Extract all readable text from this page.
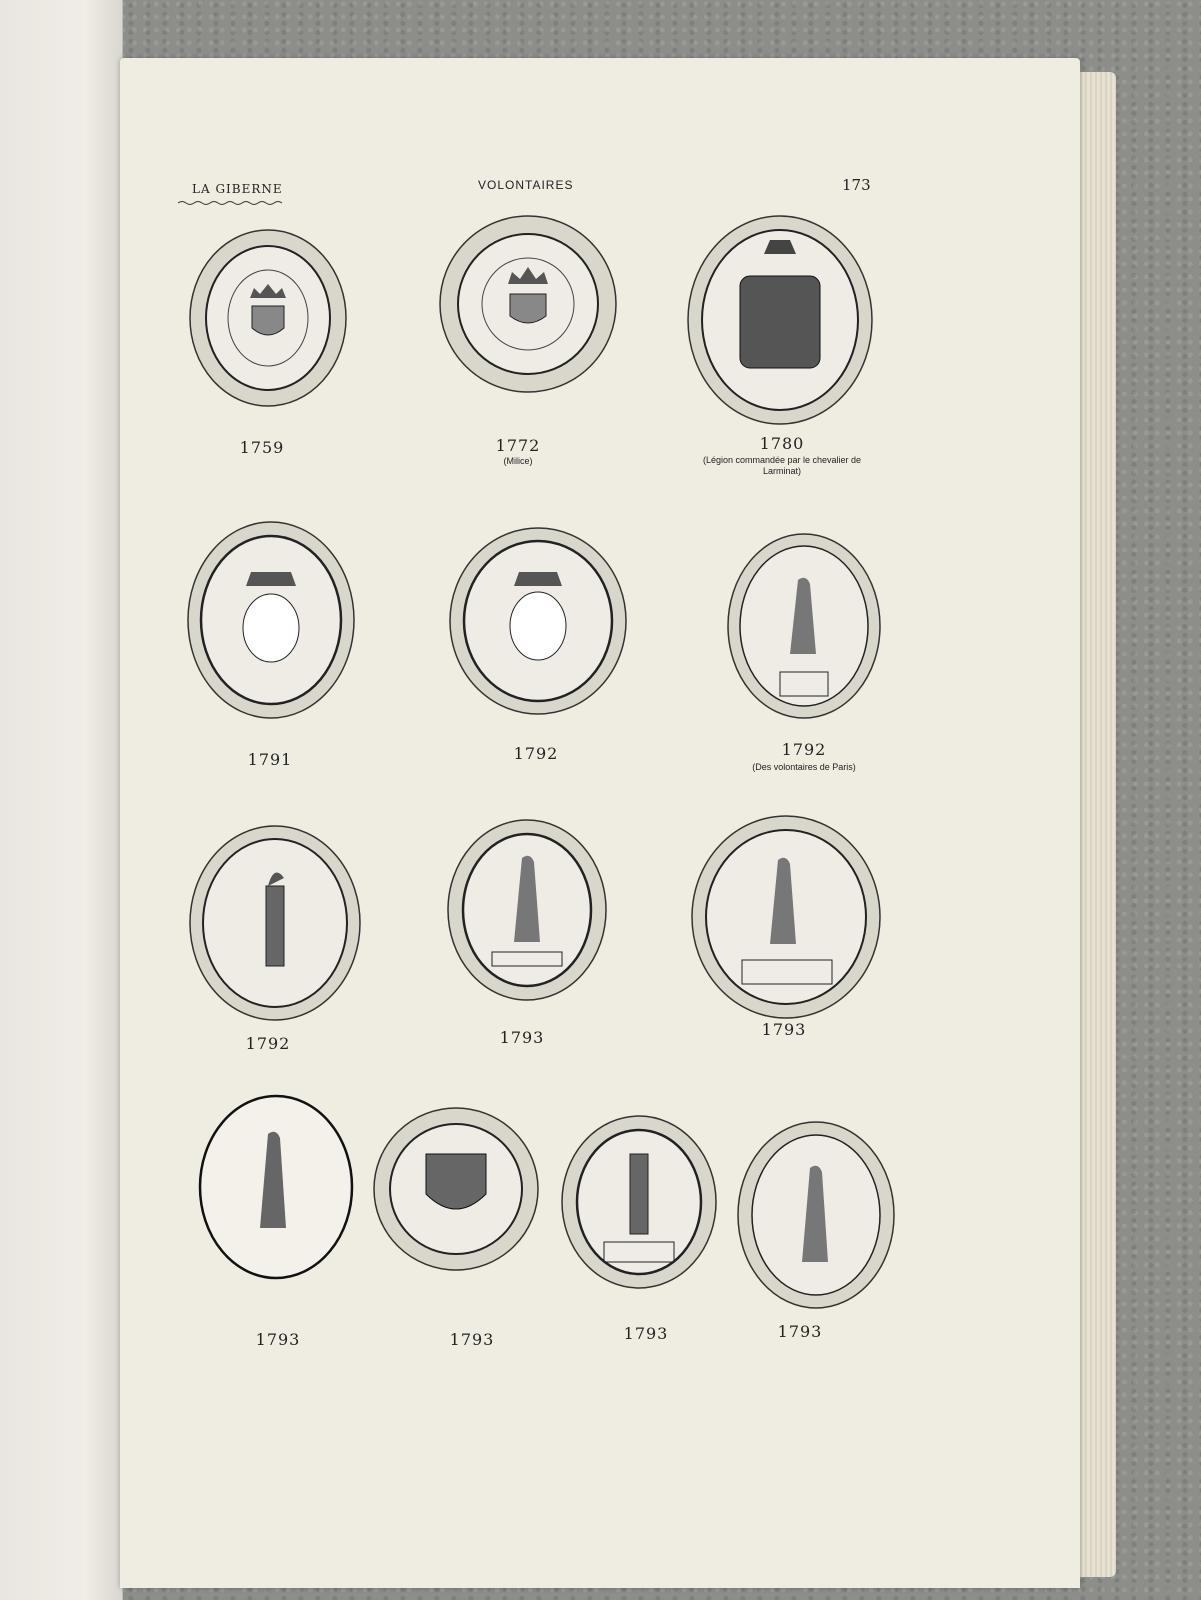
LA GIBERNE	VOLONTAIRES	173
1759	1772
(Milice)
1780
(Légion commandée par le chevalier de Larminat)
1791	1792	1792
(Des volontaires de Paris)
1792	1793	1793
1793	1793	1793	1793
